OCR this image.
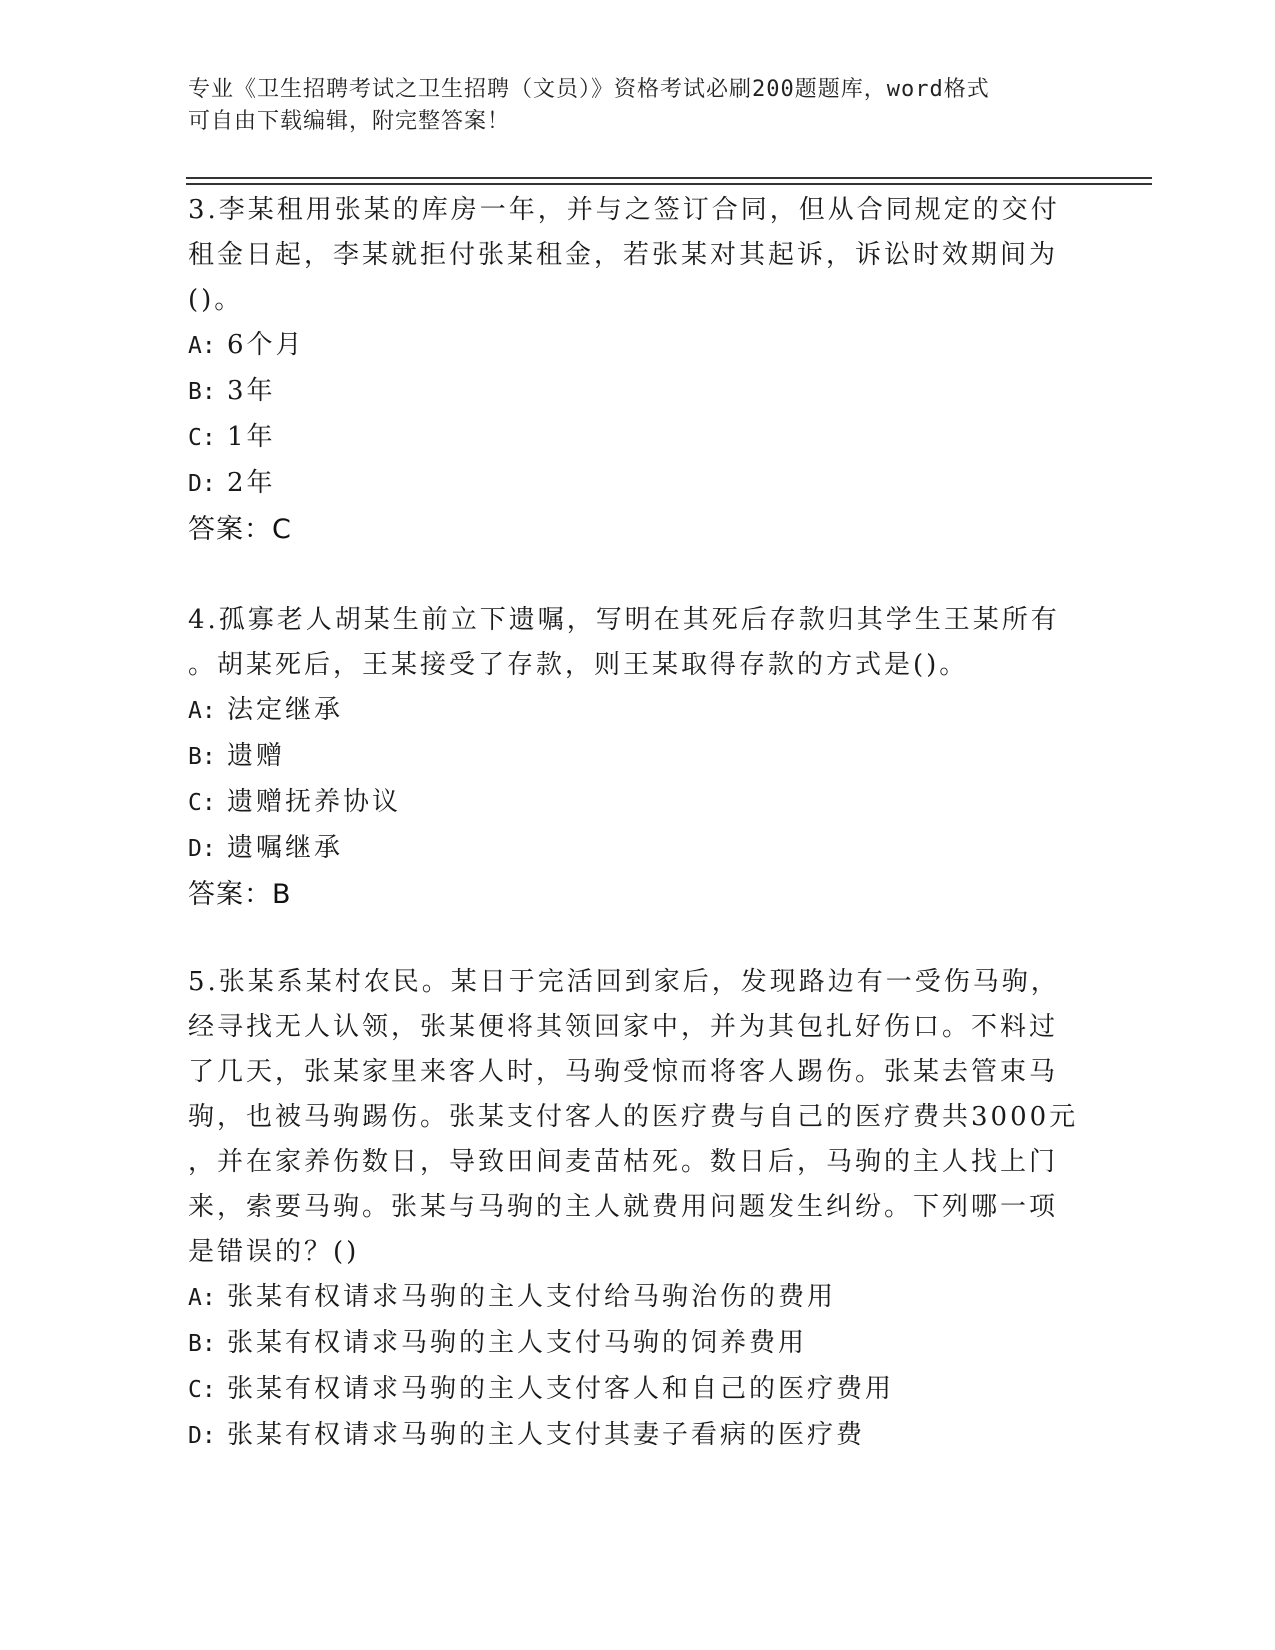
专业《卫生招聘考试之卫生招聘（文员）》资格考试必刷200题题库，word格式
可自由下载编辑，附完整答案！
3.李某租用张某的库房一年，并与之签订合同，但从合同规定的交付
租金日起，李某就拒付张某租金，若张某对其起诉，诉讼时效期间为
()。
A: 6个月
B: 3年
C: 1年
D: 2年
答案：C
4.孤寡老人胡某生前立下遗嘱，写明在其死后存款归其学生王某所有
。胡某死后，王某接受了存款，则王某取得存款的方式是()。
A: 法定继承
B: 遗赠
C: 遗赠抚养协议
D: 遗嘱继承
答案：B
5.张某系某村农民。某日于完活回到家后，发现路边有一受伤马驹，
经寻找无人认领，张某便将其领回家中，并为其包扎好伤口。不料过
了几天，张某家里来客人时，马驹受惊而将客人踢伤。张某去管束马
驹，也被马驹踢伤。张某支付客人的医疗费与自己的医疗费共3000元
，并在家养伤数日，导致田间麦苗枯死。数日后，马驹的主人找上门
来，索要马驹。张某与马驹的主人就费用问题发生纠纷。下列哪一项
是错误的？()
A: 张某有权请求马驹的主人支付给马驹治伤的费用
B: 张某有权请求马驹的主人支付马驹的饲养费用
C: 张某有权请求马驹的主人支付客人和自己的医疗费用
D: 张某有权请求马驹的主人支付其妻子看病的医疗费
